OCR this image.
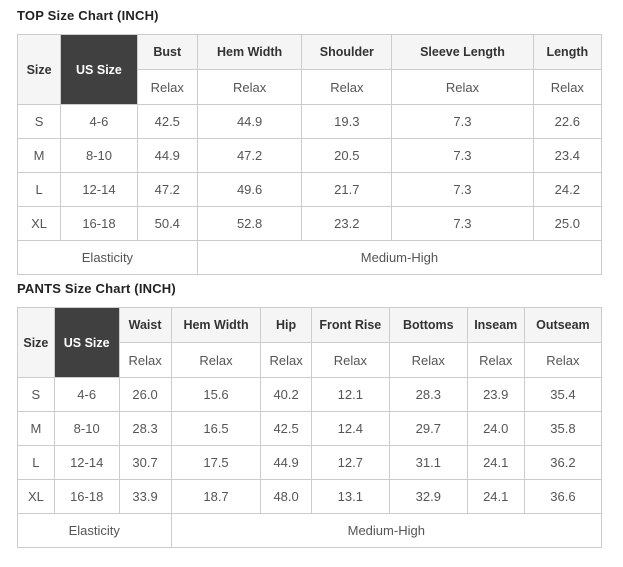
TOP Size Chart (INCH)
Size	US Size	Bust	Hem Width	Shoulder	Sleeve Length	Length
		Relax	Relax	Relax	Relax	Relax
S	4-6	42.5	44.9	19.3	7.3	22.6
M	8-10	44.9	47.2	20.5	7.3	23.4
L	12-14	47.2	49.6	21.7	7.3	24.2
XL	16-18	50.4	52.8	23.2	7.3	25.0
Elasticity			Medium-High			
PANTS Size Chart (INCH)
Size	US Size	Waist	Hem Width	Hip	Front Rise	Bottoms	Inseam	Outseam
		Relax	Relax	Relax	Relax	Relax	Relax	Relax
S	4-6	26.0	15.6	40.2	12.1	28.3	23.9	35.4
M	8-10	28.3	16.5	42.5	12.4	29.7	24.0	35.8
L	12-14	30.7	17.5	44.9	12.7	31.1	24.1	36.2
XL	16-18	33.9	18.7	48.0	13.1	32.9	24.1	36.6
Elasticity			Medium-High					
